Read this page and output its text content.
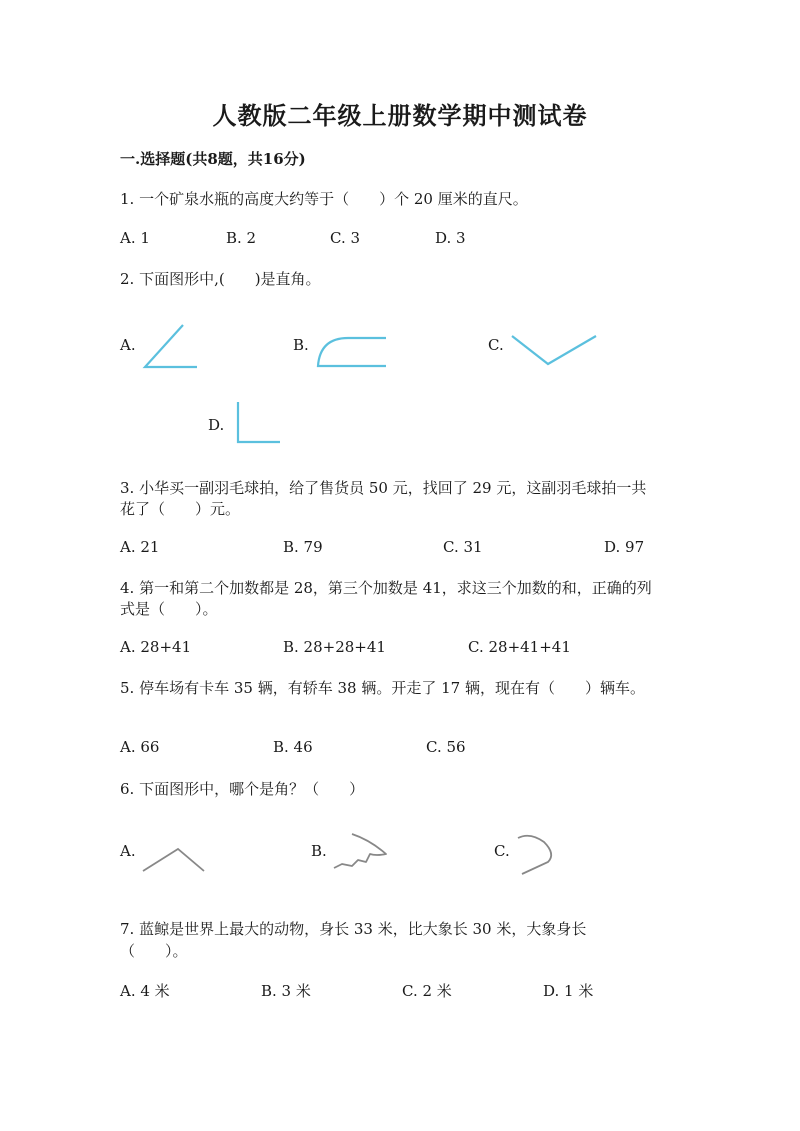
人教版二年级上册数学期中测试卷
一.选择题(共8题，共16分)
1. 一个矿泉水瓶的高度大约等于（　　）个 20 厘米的直尺。
A. 1	B. 2	C. 3	D. 3
2. 下面图形中,(　　)是直角。
A.	B.	C.
D.
3. 小华买一副羽毛球拍，给了售货员 50 元，找回了 29 元，这副羽毛球拍一共
花了（　　）元。
A. 21	B. 79	C. 31	D. 97
4. 第一和第二个加数都是 28，第三个加数是 41，求这三个加数的和，正确的列
式是（　　）。
A. 28+41	B. 28+28+41	C. 28+41+41
5. 停车场有卡车 35 辆，有轿车 38 辆。开走了 17 辆，现在有（　　）辆车。
A. 66	B. 46	C. 56
6. 下面图形中，哪个是角？（　　）
A.	B.	C.
7. 蓝鲸是世界上最大的动物，身长 33 米，比大象长 30 米，大象身长
（　　）。
A. 4 米	B. 3 米	C. 2 米	D. 1 米
